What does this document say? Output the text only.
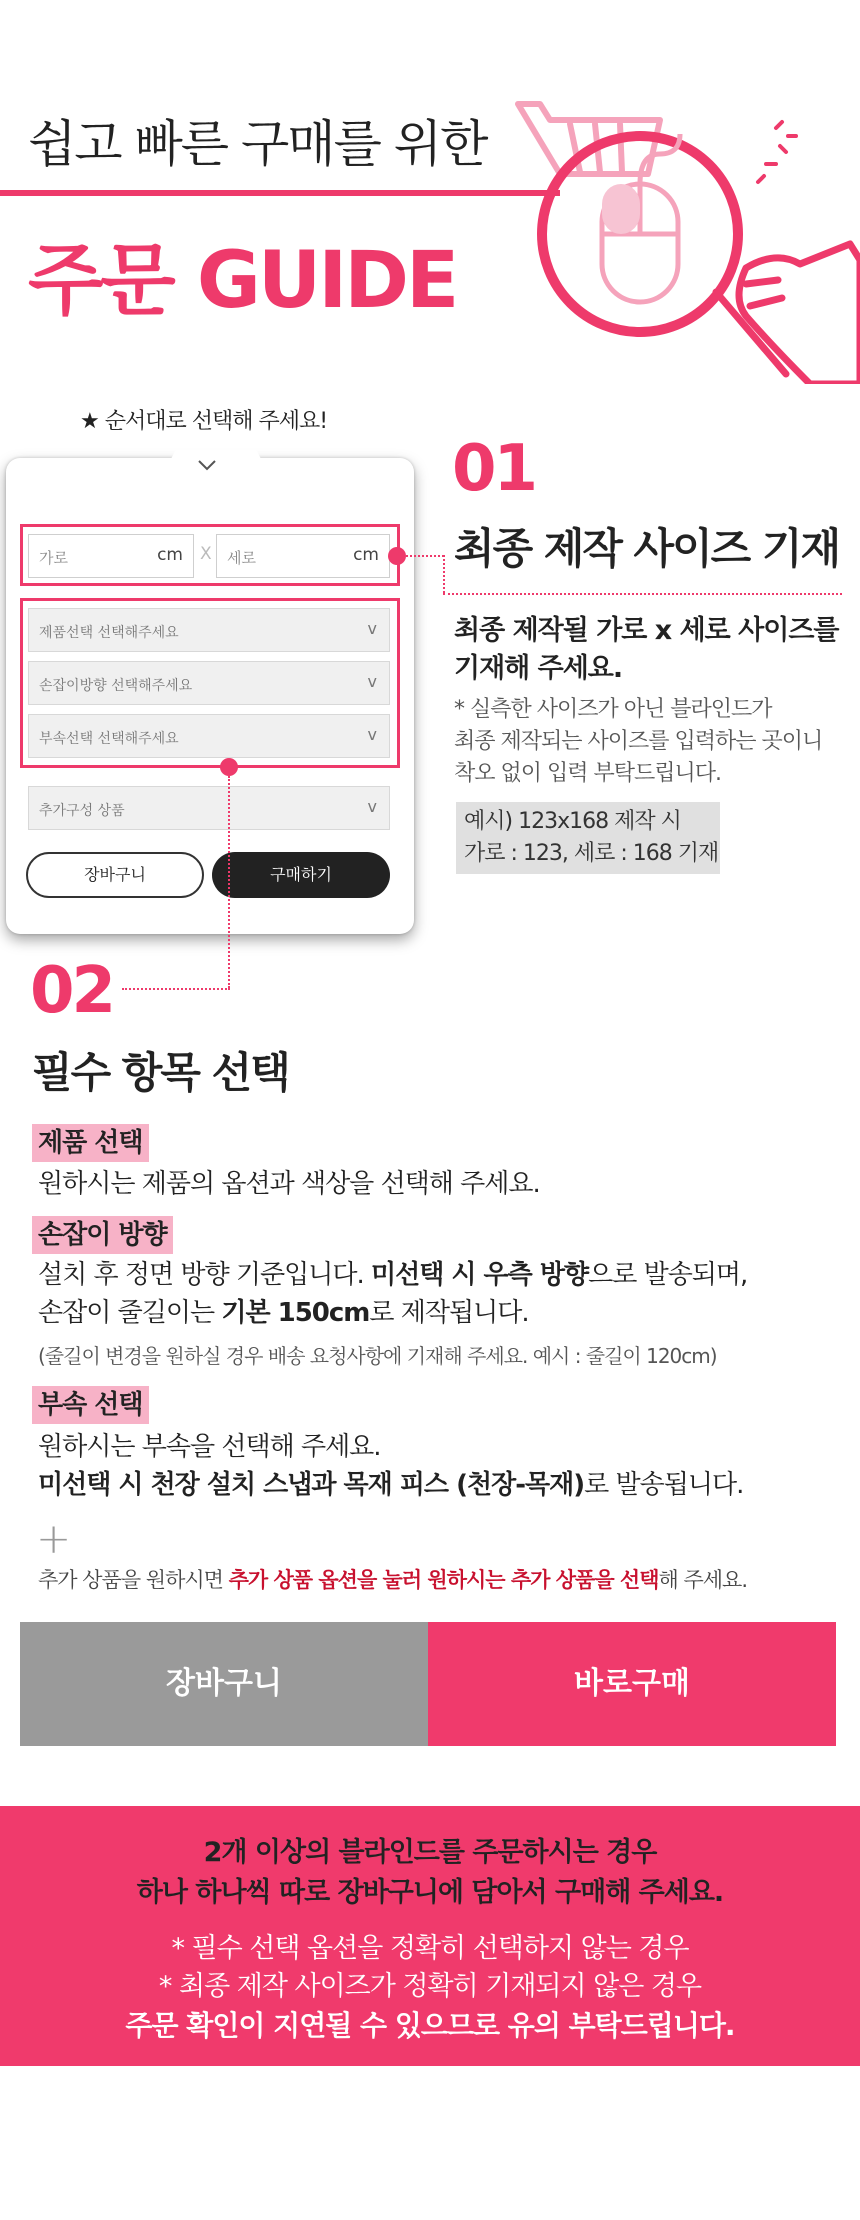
쉽고 빠른 구매를 위한
주문 GUIDE
★ 순서대로 선택해 주세요!
가로	cm X 세로	cm
제품선택 선택해주세요	v
손잡이방향 선택해주세요	v
부속선택 선택해주세요	v
추가구성 상품	v
장바구니	구매하기
01
최종 제작 사이즈 기재
최종 제작될 가로 x 세로 사이즈를
기재해 주세요.
* 실측한 사이즈가 아닌 블라인드가
최종 제작되는 사이즈를 입력하는 곳이니
착오 없이 입력 부탁드립니다.
예시) 123x168 제작 시
가로 : 123, 세로 : 168 기재
02
필수 항목 선택
제품 선택
원하시는 제품의 옵션과 색상을 선택해 주세요.
손잡이 방향
설치 후 정면 방향 기준입니다. 미선택 시 우측 방향으로 발송되며,
손잡이 줄길이는 기본 150cm로 제작됩니다.
(줄길이 변경을 원하실 경우 배송 요청사항에 기재해 주세요. 예시 : 줄길이 120cm)
부속 선택
원하시는 부속을 선택해 주세요.
미선택 시 천장 설치 스냅과 목재 피스 (천장-목재)로 발송됩니다.
+
추가 상품을 원하시면 추가 상품 옵션을 눌러 원하시는 추가 상품을 선택해 주세요.
장바구니	바로구매
2개 이상의 블라인드를 주문하시는 경우
하나 하나씩 따로 장바구니에 담아서 구매해 주세요.
* 필수 선택 옵션을 정확히 선택하지 않는 경우
* 최종 제작 사이즈가 정확히 기재되지 않은 경우
주문 확인이 지연될 수 있으므로 유의 부탁드립니다.
